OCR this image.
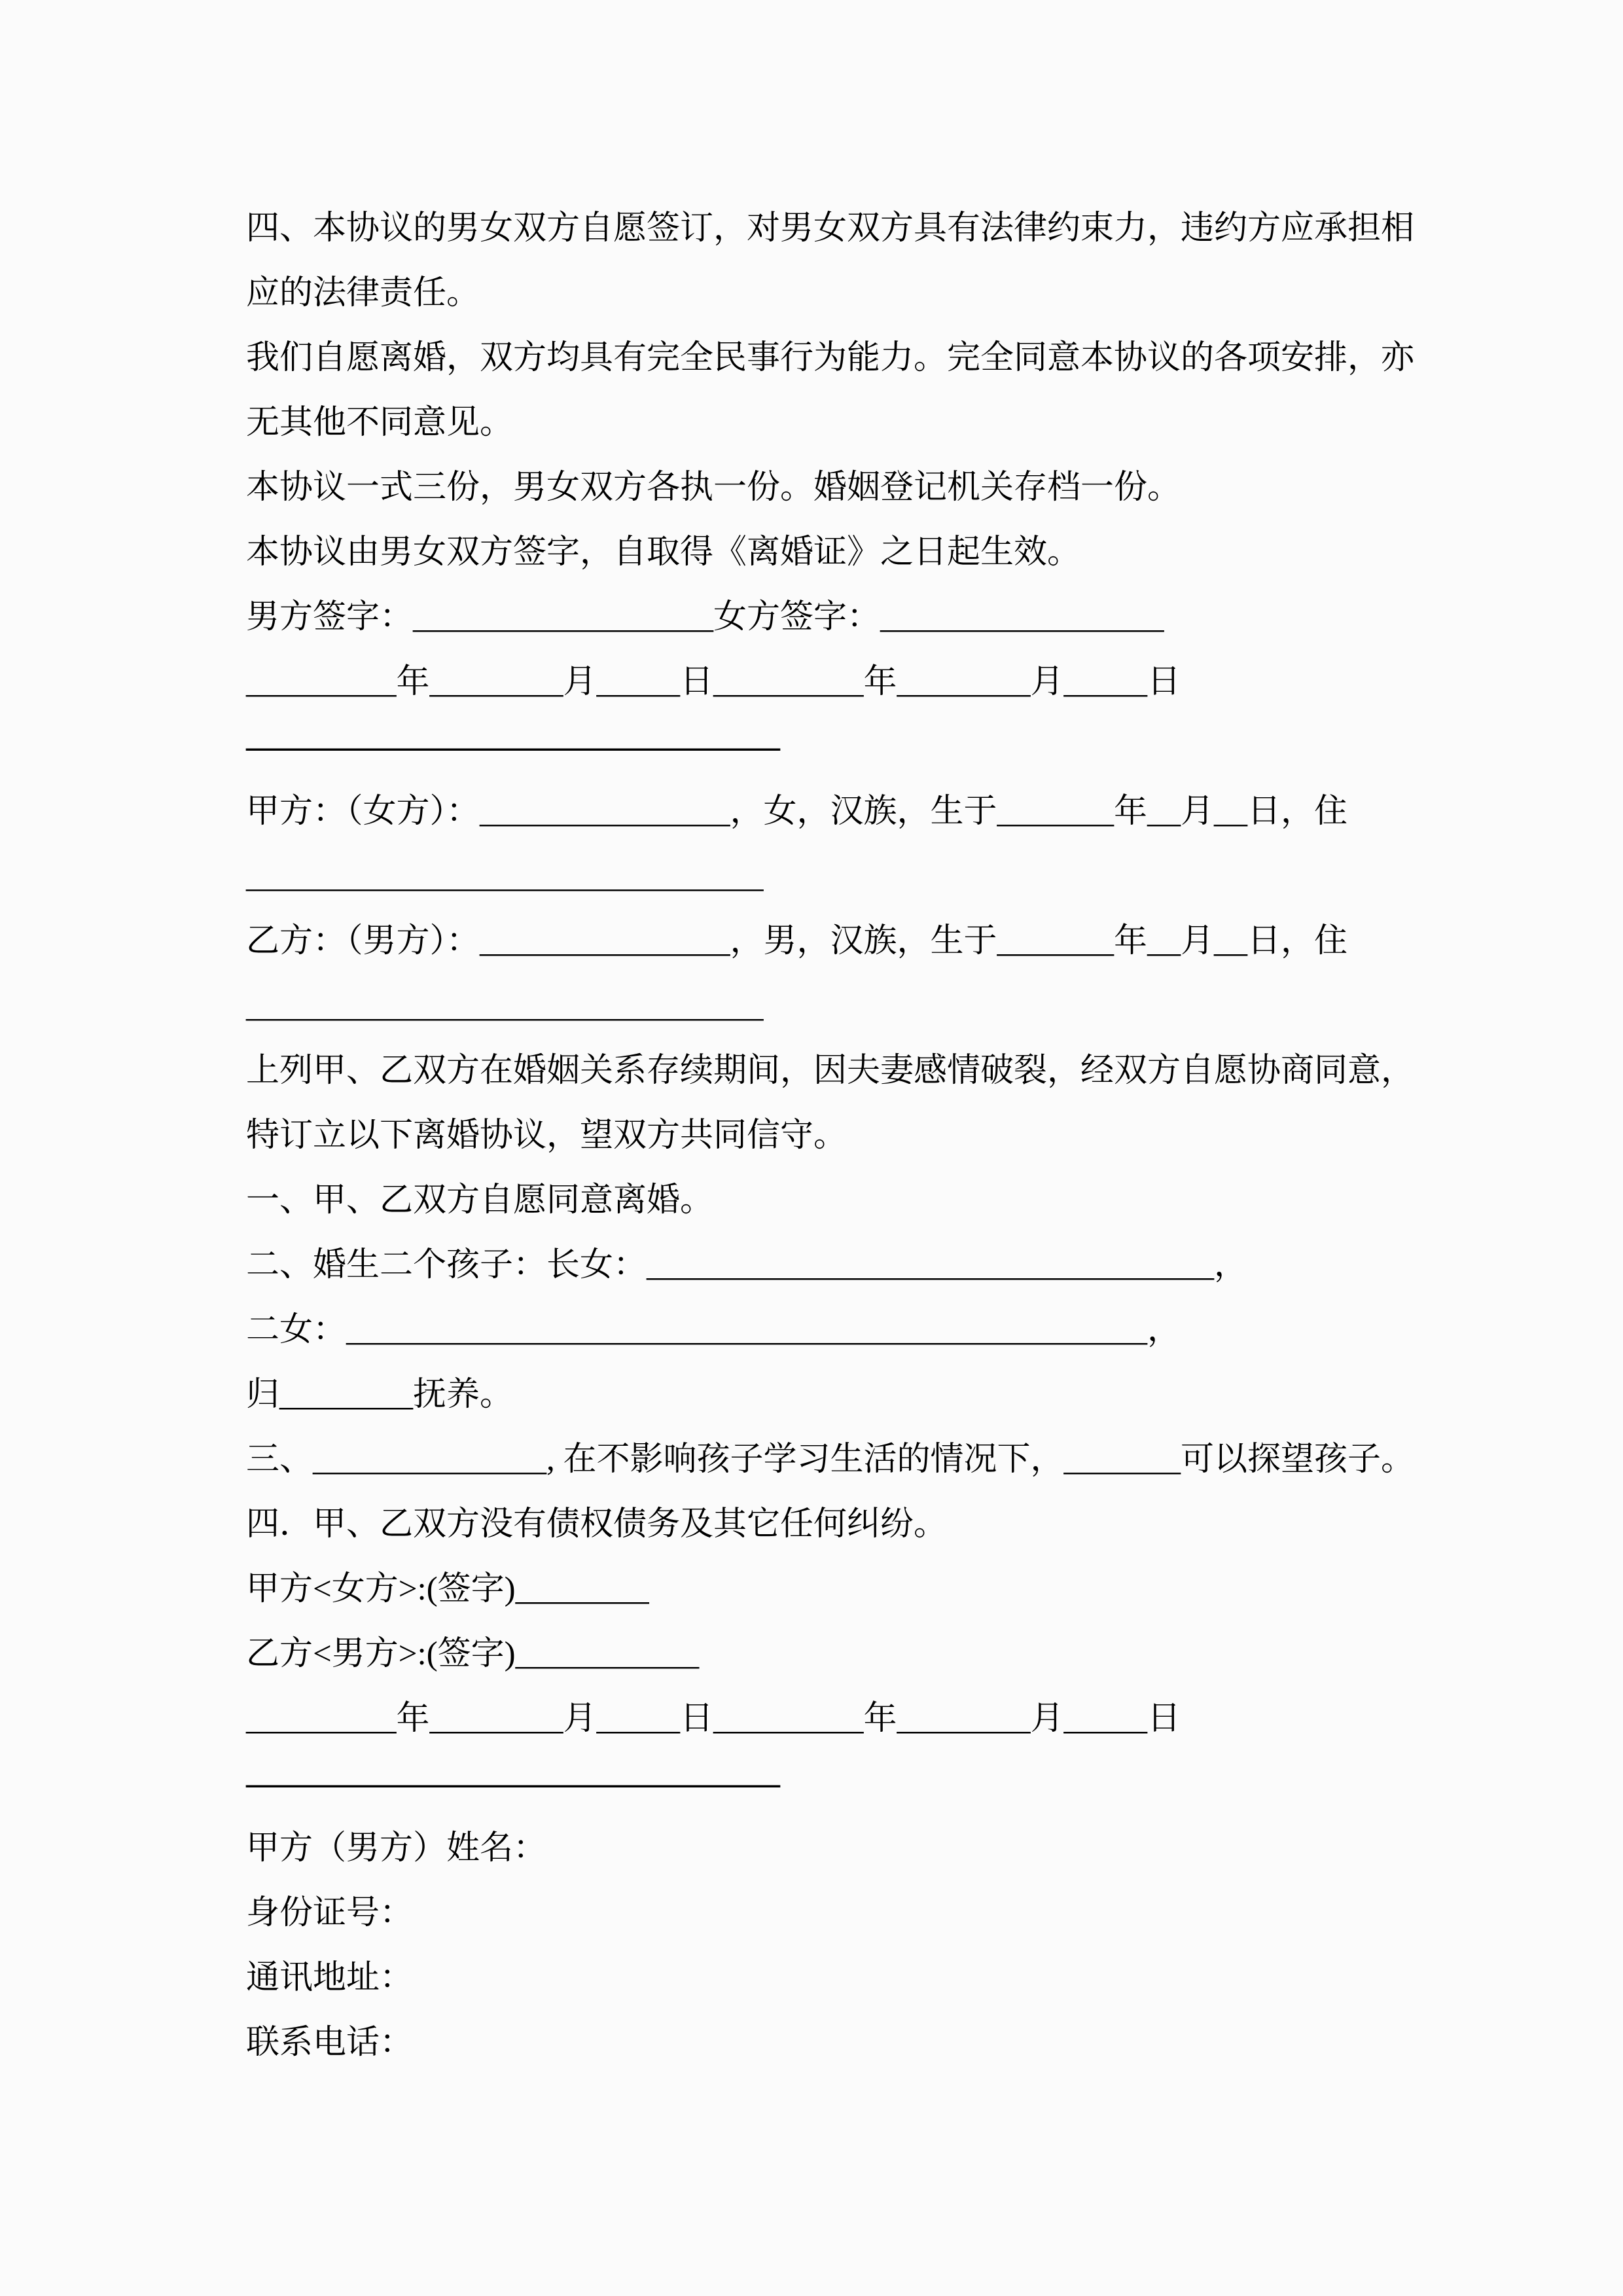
四、本协议的男女双方自愿签订，对男女双方具有法律约束力，违约方应承担相
应的法律责任。
我们自愿离婚，双方均具有完全民事行为能力。完全同意本协议的各项安排，亦
无其他不同意见。
本协议一式三份，男女双方各执一份。婚姻登记机关存档一份。
本协议由男女双方签字，自取得《离婚证》之日起生效。
男方签字：__________________女方签字：_________________
_________年________月_____日_________年________月_____日
————————————————
甲方：（女方）：_______________，女，汉族，生于_______年__月__日，住
_______________________________
乙方：（男方）：_______________，男，汉族，生于_______年__月__日，住
_______________________________
上列甲、乙双方在婚姻关系存续期间，因夫妻感情破裂，经双方自愿协商同意，
特订立以下离婚协议，望双方共同信守。
一、甲、乙双方自愿同意离婚。
二、婚生二个孩子：长女：__________________________________，
二女：________________________________________________，
归________抚养。
三、______________, 在不影响孩子学习生活的情况下，_______可以探望孩子。
四．甲、乙双方没有债权债务及其它任何纠纷。
甲方<女方>:(签字)________
乙方<男方>:(签字)___________
_________年________月_____日_________年________月_____日
————————————————
甲方（男方）姓名：
身份证号：
通讯地址：
联系电话：
